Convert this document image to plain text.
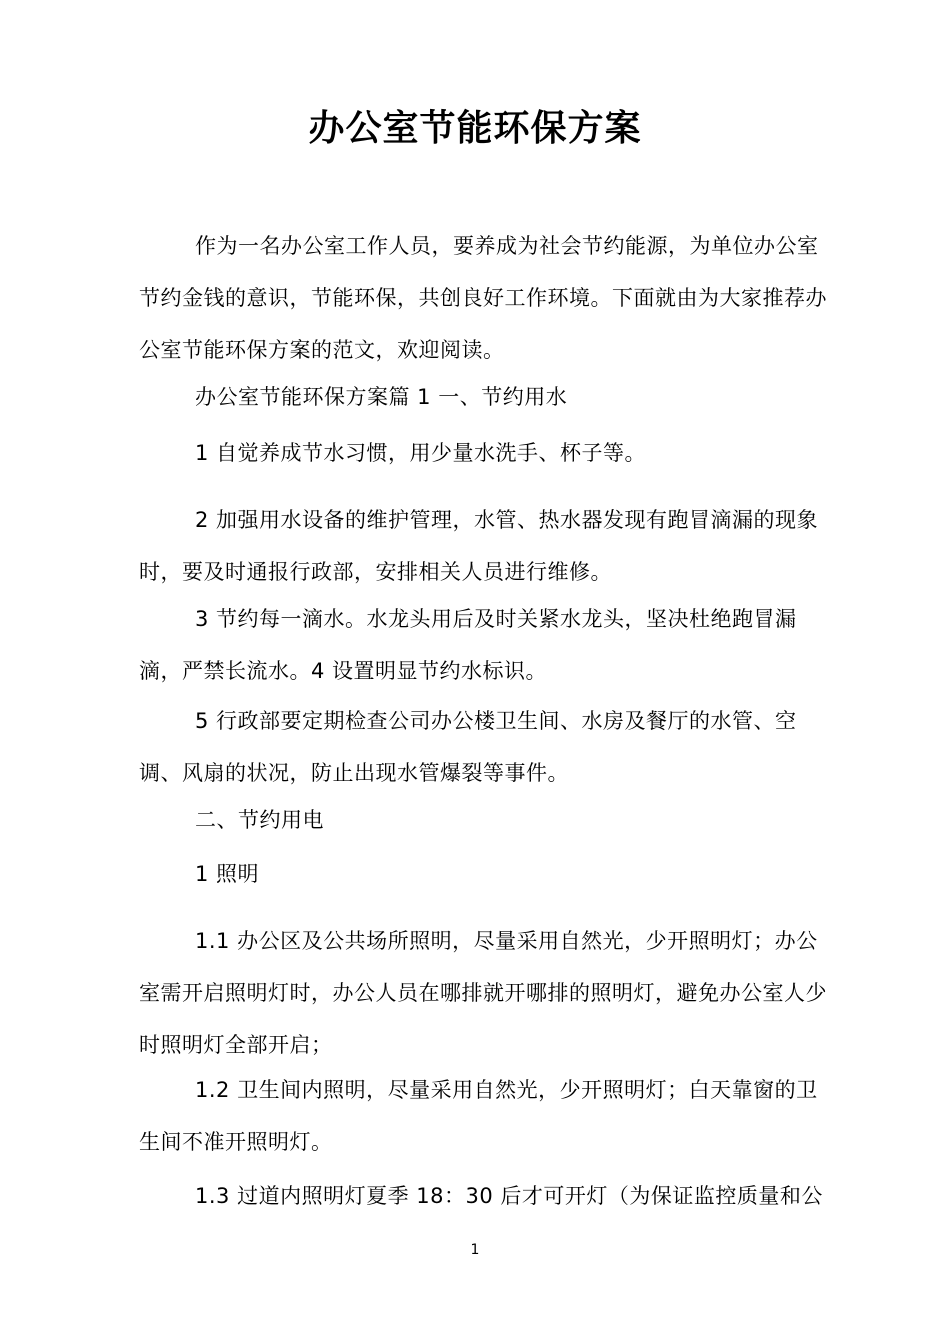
办公室节能环保方案

作为一名办公室工作人员，要养成为社会节约能源，为单位办公室节约金钱的意识，节能环保，共创良好工作环境。下面就由为大家推荐办公室节能环保方案的范文，欢迎阅读。

办公室节能环保方案篇 1 一、节约用水

1 自觉养成节水习惯，用少量水洗手、杯子等。

2 加强用水设备的维护管理，水管、热水器发现有跑冒滴漏的现象时，要及时通报行政部，安排相关人员进行维修。

3 节约每一滴水。水龙头用后及时关紧水龙头，坚决杜绝跑冒漏滴，严禁长流水。4 设置明显节约水标识。

5 行政部要定期检查公司办公楼卫生间、水房及餐厅的水管、空调、风扇的状况，防止出现水管爆裂等事件。

二、节约用电

1 照明

1.1 办公区及公共场所照明，尽量采用自然光，少开照明灯；办公室需开启照明灯时，办公人员在哪排就开哪排的照明灯，避免办公室人少时照明灯全部开启；

1.2 卫生间内照明，尽量采用自然光，少开照明灯；白天靠窗的卫生间不准开照明灯。

1.3 过道内照明灯夏季 18：30 后才可开灯（为保证监控质量和公

1
